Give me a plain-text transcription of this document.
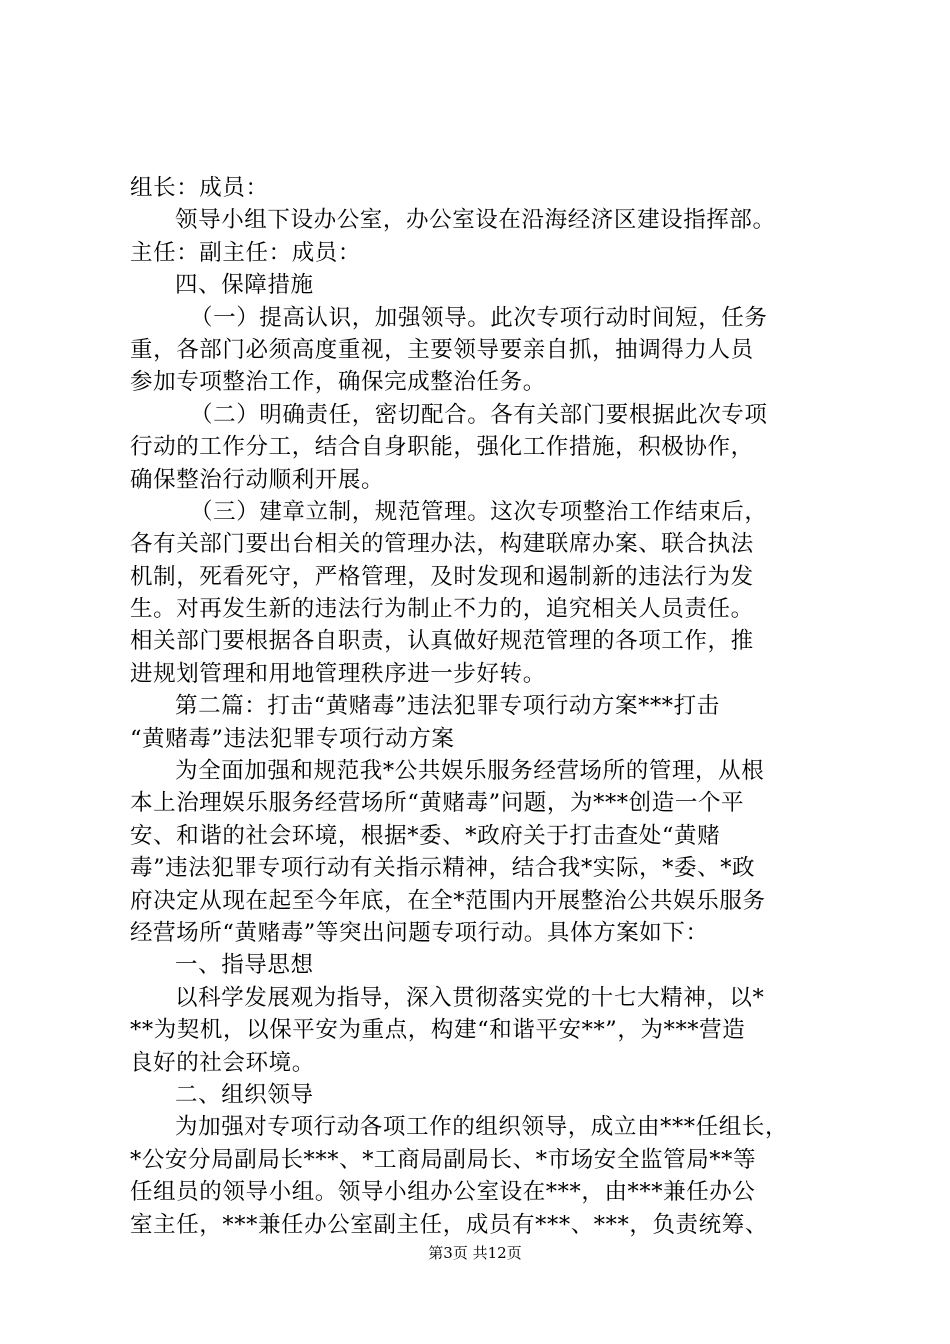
组长：成员：
领导小组下设办公室，办公室设在沿海经济区建设指挥部。
主任：副主任：成员：
四、保障措施
（一）提高认识，加强领导。此次专项行动时间短，任务
重，各部门必须高度重视，主要领导要亲自抓，抽调得力人员
参加专项整治工作，确保完成整治任务。
（二）明确责任，密切配合。各有关部门要根据此次专项
行动的工作分工，结合自身职能，强化工作措施，积极协作，
确保整治行动顺利开展。
（三）建章立制，规范管理。这次专项整治工作结束后，
各有关部门要出台相关的管理办法，构建联席办案、联合执法
机制，死看死守，严格管理，及时发现和遏制新的违法行为发
生。对再发生新的违法行为制止不力的，追究相关人员责任。
相关部门要根据各自职责，认真做好规范管理的各项工作，推
进规划管理和用地管理秩序进一步好转。
第二篇：打击“黄赌毒”违法犯罪专项行动方案***打击
“黄赌毒”违法犯罪专项行动方案
为全面加强和规范我*公共娱乐服务经营场所的管理，从根
本上治理娱乐服务经营场所“黄赌毒”问题，为***创造一个平
安、和谐的社会环境，根据*委、*政府关于打击查处“黄赌
毒”违法犯罪专项行动有关指示精神，结合我*实际，*委、*政
府决定从现在起至今年底，在全*范围内开展整治公共娱乐服务
经营场所“黄赌毒”等突出问题专项行动。具体方案如下：
一、指导思想
以科学发展观为指导，深入贯彻落实党的十七大精神，以*
**为契机，以保平安为重点，构建“和谐平安**”，为***营造
良好的社会环境。
二、组织领导
为加强对专项行动各项工作的组织领导，成立由***任组长，
*公安分局副局长***、*工商局副局长、*市场安全监管局**等
任组员的领导小组。领导小组办公室设在***，由***兼任办公
室主任，***兼任办公室副主任，成员有***、***，负责统筹、
第3页 共12页
